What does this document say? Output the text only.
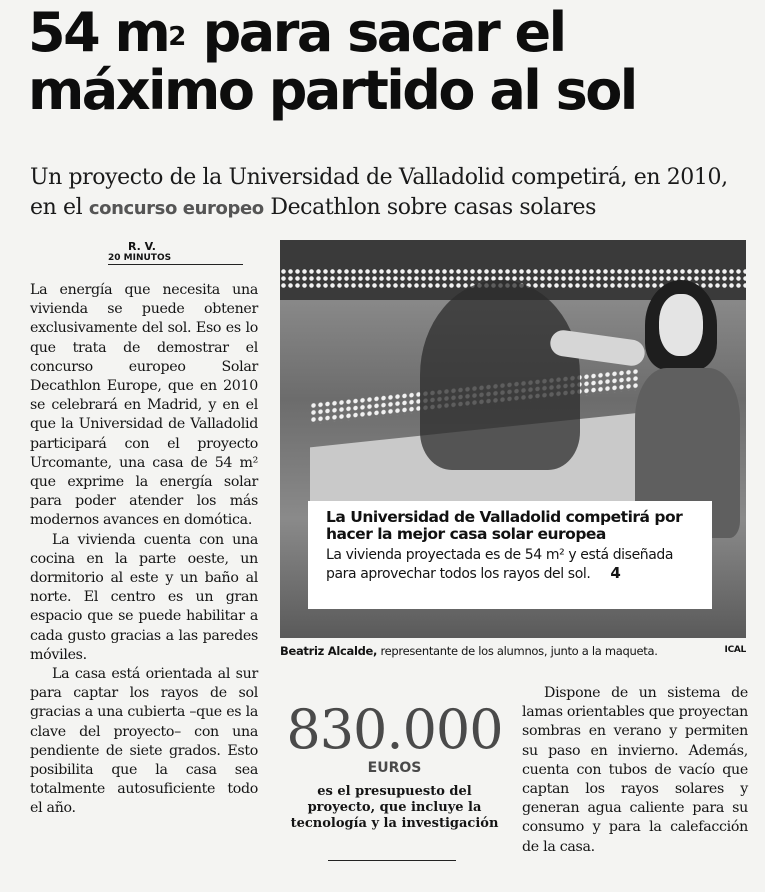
54 $m^2$ para sacar el
máximo partido al sol

Un proyecto de la Universidad de Valladolid competirá, en 2010, en el concurso europeo Decathlon sobre casas solares

R. V.
20 MINUTOS

La energía que necesita una vivienda se puede obtener exclusivamente del sol. Eso es lo que trata de demostrar el concurso europeo Solar Decathlon Europe, que en 2010 se celebrará en Madrid, y en el que la Universidad de Valladolid participará con el proyecto Urcomante, una casa de 54 m² que exprime la energía solar para poder atender los más modernos avances en domótica.

La vivienda cuenta con una cocina en la parte oeste, un dormitorio al este y un baño al norte. El centro es un gran espacio que se puede habilitar a cada gusto gracias a las paredes móviles.

La casa está orientada al sur para captar los rayos de sol gracias a una cubierta –que es la clave del proyecto– con una pendiente de siete grados. Esto posibilita que la casa sea totalmente autosuficiente todo el año.

La Universidad de Valladolid competirá por hacer la mejor casa solar europea

La vivienda proyectada es de 54 m² y está diseñada para aprovechar todos los rayos del sol. 4

Beatriz Alcalde, representante de los alumnos, junto a la maqueta.	ICAL
830.000
EUROS
es el presupuesto del proyecto, que incluye la tecnología y la investigación

Dispone de un sistema de lamas orientables que proyectan sombras en verano y permiten su paso en invierno. Además, cuenta con tubos de vacío que captan los rayos solares y generan agua caliente para su consumo y para la calefacción de la casa.
